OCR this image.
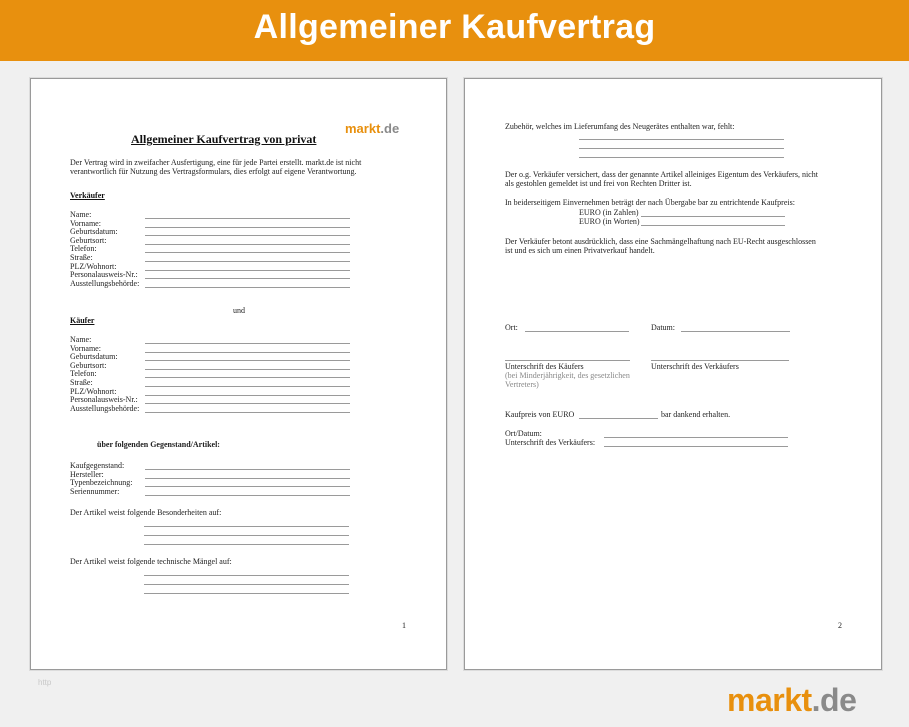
Allgemeiner Kaufvertrag
markt.de
Allgemeiner Kaufvertrag von privat
Der Vertrag wird in zweifacher Ausfertigung, eine für jede Partei erstellt. markt.de ist nicht
verantwortlich für Nutzung des Vertragsformulars, dies erfolgt auf eigene Verantwortung.
Verkäufer
Name:
Vorname:
Geburtsdatum:
Geburtsort:
Telefon:
Straße:
PLZ/Wohnort:
Personalausweis-Nr.:
Ausstellungsbehörde:
und
Käufer
Name:
Vorname:
Geburtsdatum:
Geburtsort:
Telefon:
Straße:
PLZ/Wohnort:
Personalausweis-Nr.:
Ausstellungsbehörde:
über folgenden Gegenstand/Artikel:
Kaufgegenstand:
Hersteller:
Typenbezeichnung:
Seriennummer:
Der Artikel weist folgende Besonderheiten auf:
Der Artikel weist folgende technische Mängel auf:
1
Zubehör, welches im Lieferumfang des Neugerätes enthalten war, fehlt:
Der o.g. Verkäufer versichert, dass der genannte Artikel alleiniges Eigentum des Verkäufers, nicht
als gestohlen gemeldet ist und frei von Rechten Dritter ist.
In beiderseitigem Einvernehmen beträgt der nach Übergabe bar zu entrichtende Kaufpreis:
EURO (in Zahlen)
EURO (in Worten)
Der Verkäufer betont ausdrücklich, dass eine Sachmängelhaftung nach EU-Recht ausgeschlossen
ist und es sich um einen Privatverkauf handelt.
Ort:	Datum:
Unterschrift des Käufers
(bei Minderjährigkeit, des gesetzlichen
Vertreters)
Unterschrift des Verkäufers
Kaufpreis von EURO	bar dankend erhalten.
Ort/Datum:
Unterschrift des Verkäufers:
2
http	markt.de
